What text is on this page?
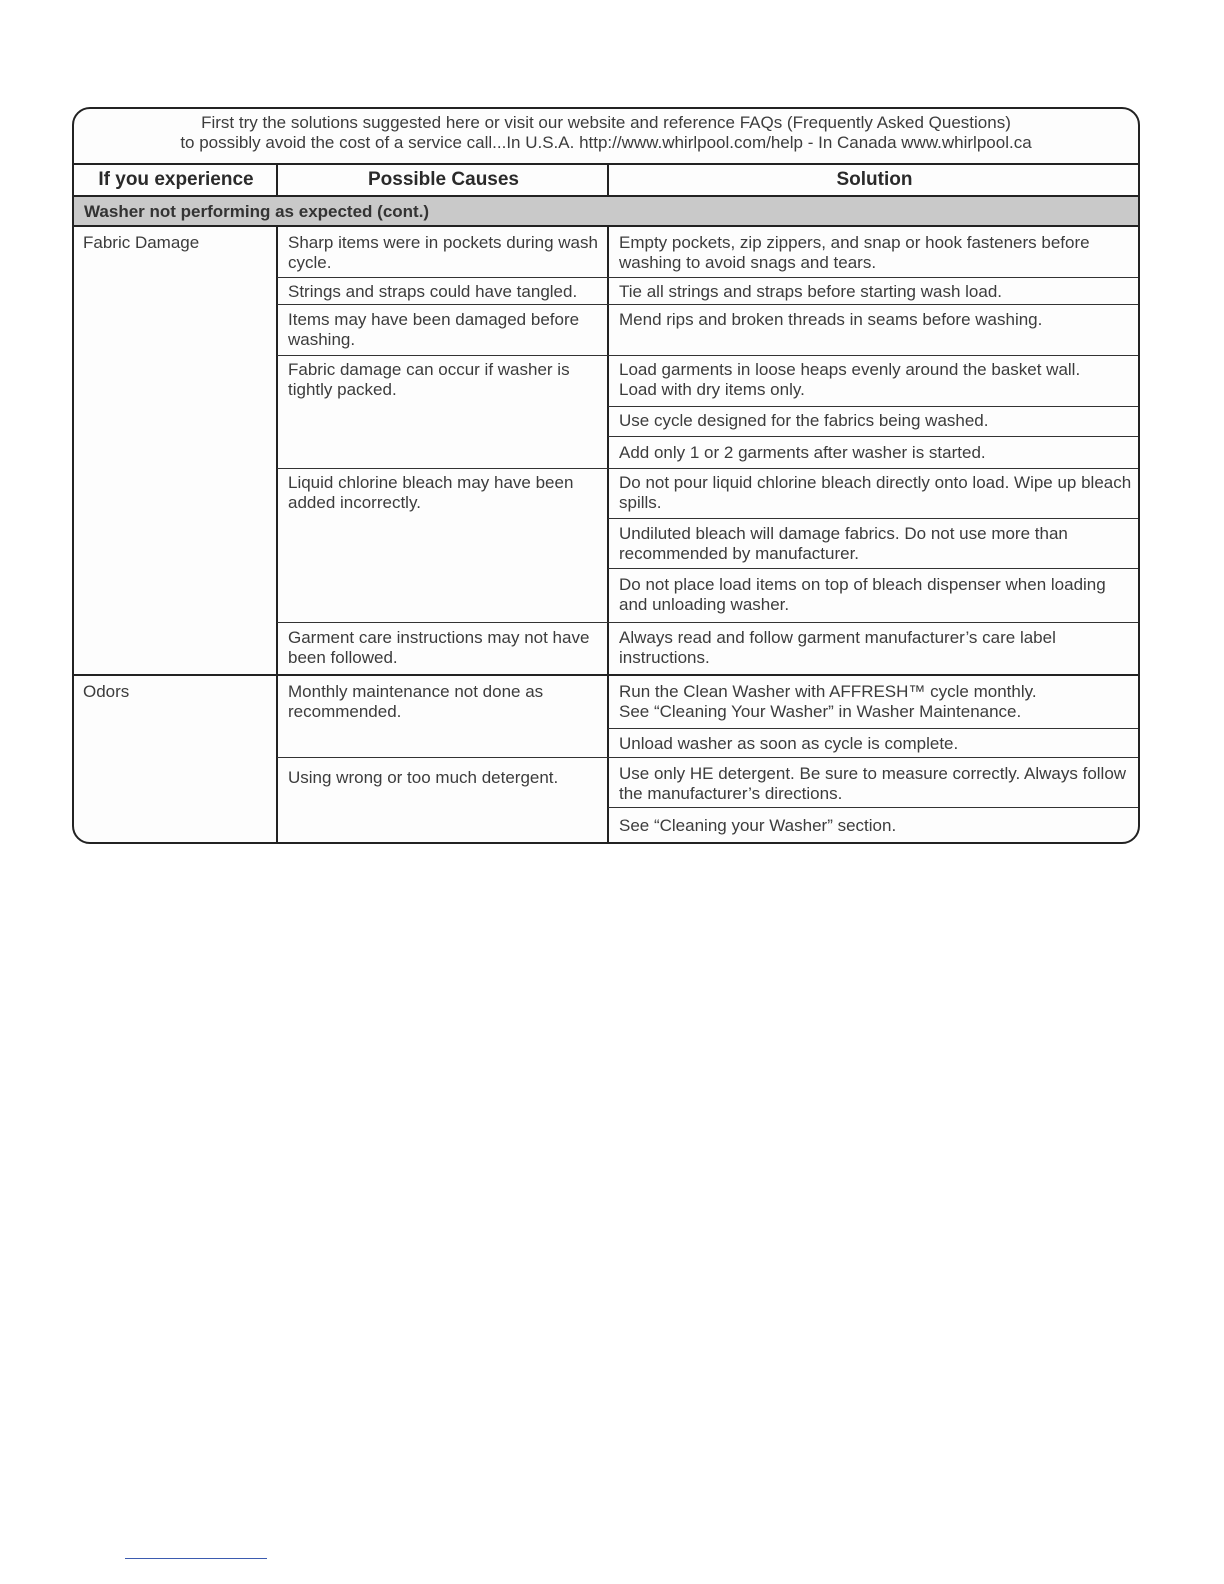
First try the solutions suggested here or visit our website and reference FAQs (Frequently Asked Questions)
to possibly avoid the cost of a service call...In U.S.A. http://www.whirlpool.com/help - In Canada www.whirlpool.ca
If you experience	Possible Causes	Solution
Washer not performing as expected (cont.)
Fabric Damage
Odors
Sharp items were in pockets during wash cycle.
Strings and straps could have tangled.
Items may have been damaged before washing.
Fabric damage can occur if washer is tightly packed.
Liquid chlorine bleach may have been added incorrectly.
Garment care instructions may not have been followed.
Monthly maintenance not done as recommended.
Using wrong or too much detergent.
Empty pockets, zip zippers, and snap or hook fasteners before washing to avoid snags and tears.
Tie all strings and straps before starting wash load.
Mend rips and broken threads in seams before washing.
Load garments in loose heaps evenly around the basket wall.
Load with dry items only.
Use cycle designed for the fabrics being washed.
Add only 1 or 2 garments after washer is started.
Do not pour liquid chlorine bleach directly onto load. Wipe up bleach spills.
Undiluted bleach will damage fabrics. Do not use more than recommended by manufacturer.
Do not place load items on top of bleach dispenser when loading and unloading washer.
Always read and follow garment manufacturer’s care label instructions.
Run the Clean Washer with AFFRESH™ cycle monthly.
See “Cleaning Your Washer” in Washer Maintenance.
Unload washer as soon as cycle is complete.
Use only HE detergent. Be sure to measure correctly. Always follow the manufacturer’s directions.
See “Cleaning your Washer” section.
